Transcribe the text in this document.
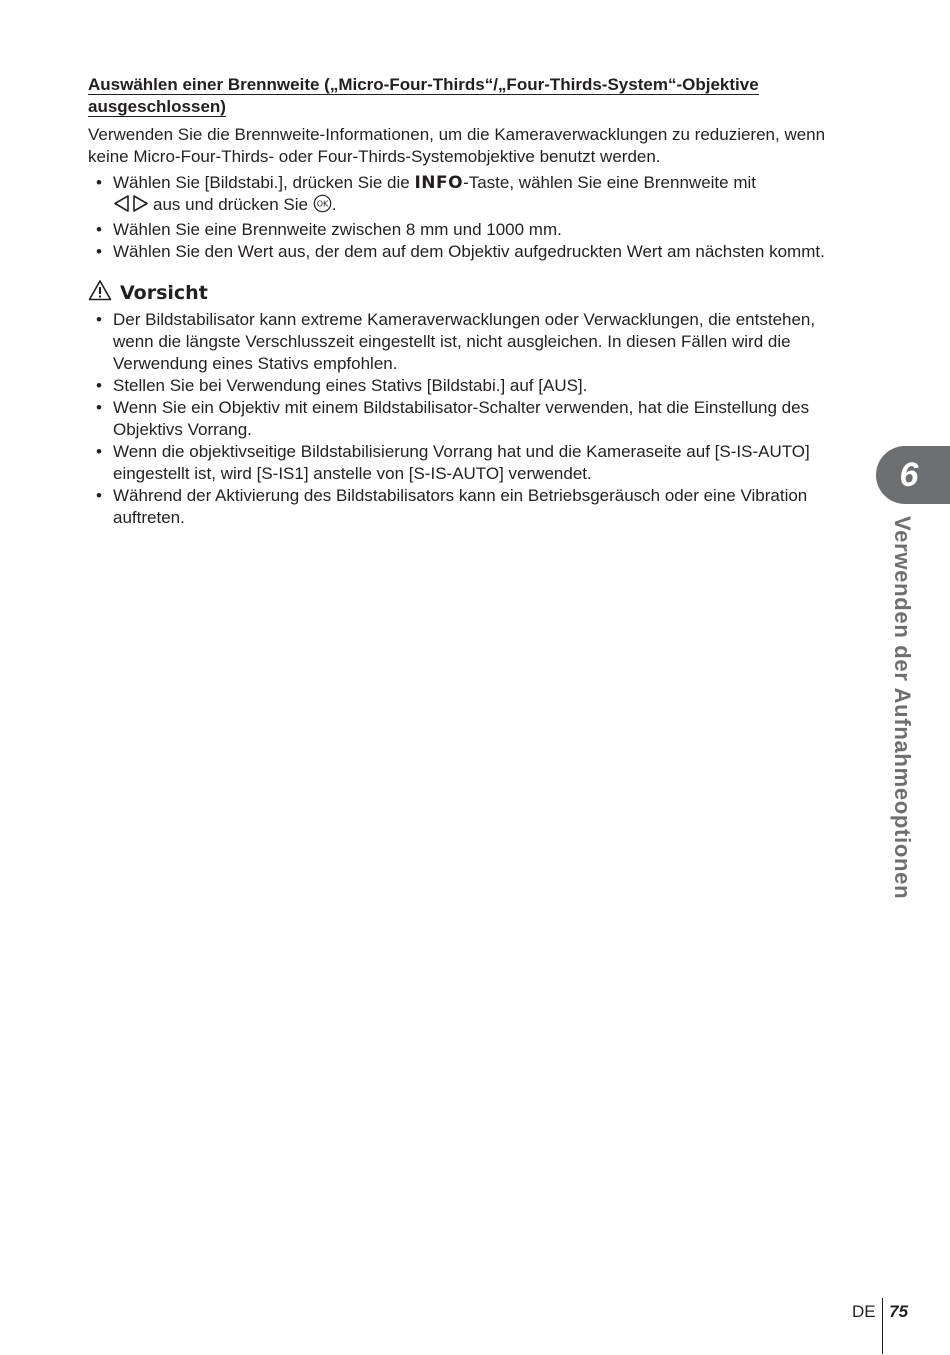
Auswählen einer Brennweite („Micro-Four-Thirds“/„Four-Thirds-System“-Objektive ausgeschlossen)

Verwenden Sie die Brennweite-Informationen, um die Kameraverwacklungen zu reduzieren, wenn keine Micro-Four-Thirds- oder Four-Thirds-Systemobjektive benutzt werden.

• Wählen Sie [Bildstabi.], drücken Sie die INFO-Taste, wählen Sie eine Brennweite mit
aus und drücken Sie OK .
• Wählen Sie eine Brennweite zwischen 8 mm und 1000 mm.
• Wählen Sie den Wert aus, der dem auf dem Objektiv aufgedruckten Wert am nächsten kommt.
Vorsicht
• Der Bildstabilisator kann extreme Kameraverwacklungen oder Verwacklungen, die entstehen, wenn die längste Verschlusszeit eingestellt ist, nicht ausgleichen. In diesen Fällen wird die Verwendung eines Stativs empfohlen.
• Stellen Sie bei Verwendung eines Stativs [Bildstabi.] auf [AUS].
• Wenn Sie ein Objektiv mit einem Bildstabilisator-Schalter verwenden, hat die Einstellung des Objektivs Vorrang.
• Wenn die objektivseitige Bildstabilisierung Vorrang hat und die Kameraseite auf [S-IS-AUTO] eingestellt ist, wird [S-IS1] anstelle von [S-IS-AUTO] verwendet.
• Während der Aktivierung des Bildstabilisators kann ein Betriebsgeräusch oder eine Vibration auftreten.
6
Verwenden der Aufnahmeoptionen
DE 75
